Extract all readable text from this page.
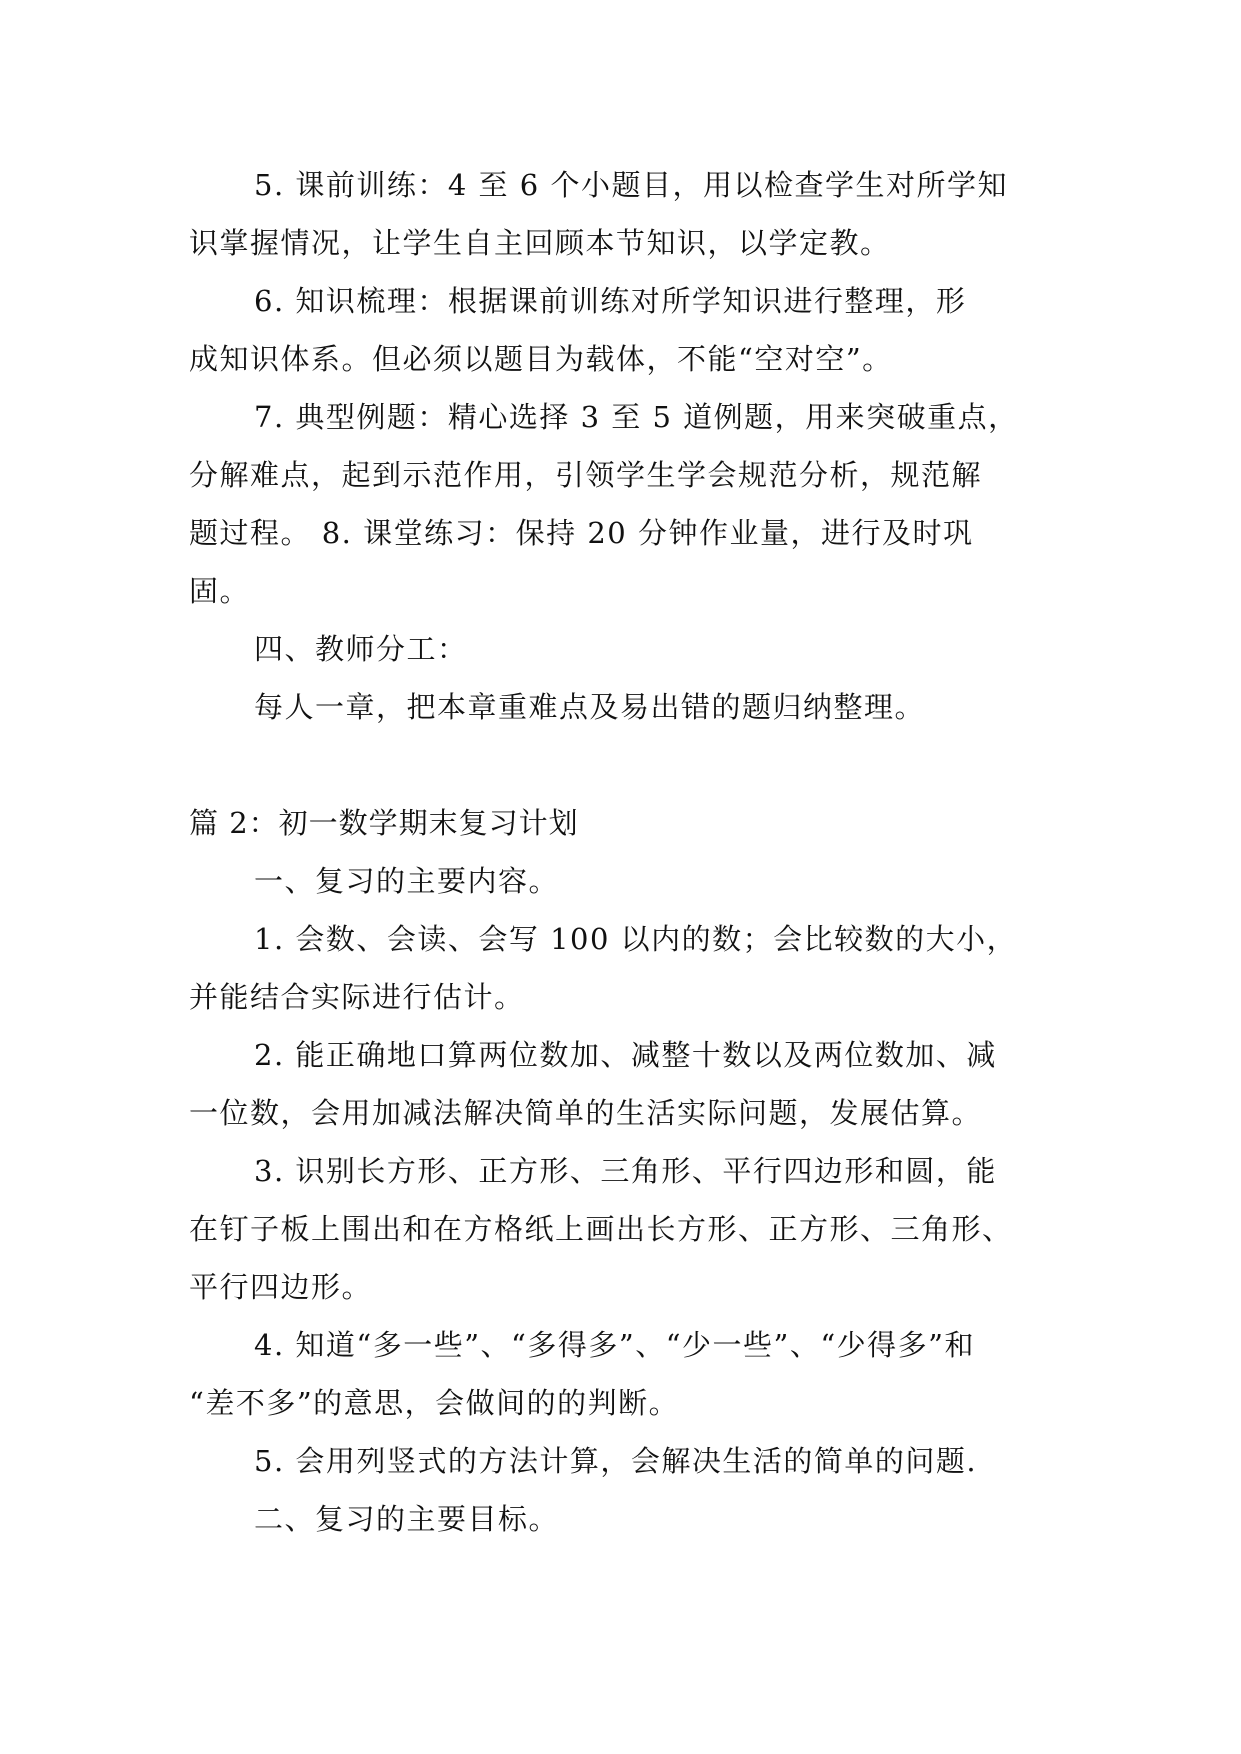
5. 课前训练：4 至 6 个小题目，用以检查学生对所学知
识掌握情况，让学生自主回顾本节知识，以学定教。
6. 知识梳理：根据课前训练对所学知识进行整理，形
成知识体系。但必须以题目为载体，不能“空对空”。
7. 典型例题：精心选择 3 至 5 道例题，用来突破重点，
分解难点，起到示范作用，引领学生学会规范分析，规范解
题过程。 8. 课堂练习：保持 20 分钟作业量，进行及时巩
固。
四、教师分工：
每人一章，把本章重难点及易出错的题归纳整理。
篇 2：初一数学期末复习计划
一、复习的主要内容。
1. 会数、会读、会写 100 以内的数；会比较数的大小，
并能结合实际进行估计。
2. 能正确地口算两位数加、减整十数以及两位数加、减
一位数，会用加减法解决简单的生活实际问题，发展估算。
3. 识别长方形、正方形、三角形、平行四边形和圆，能
在钉子板上围出和在方格纸上画出长方形、正方形、三角形、
平行四边形。
4. 知道“多一些”、“多得多”、“少一些”、“少得多”和
“差不多”的意思，会做间的的判断。
5. 会用列竖式的方法计算，会解决生活的简单的问题.
二、复习的主要目标。
